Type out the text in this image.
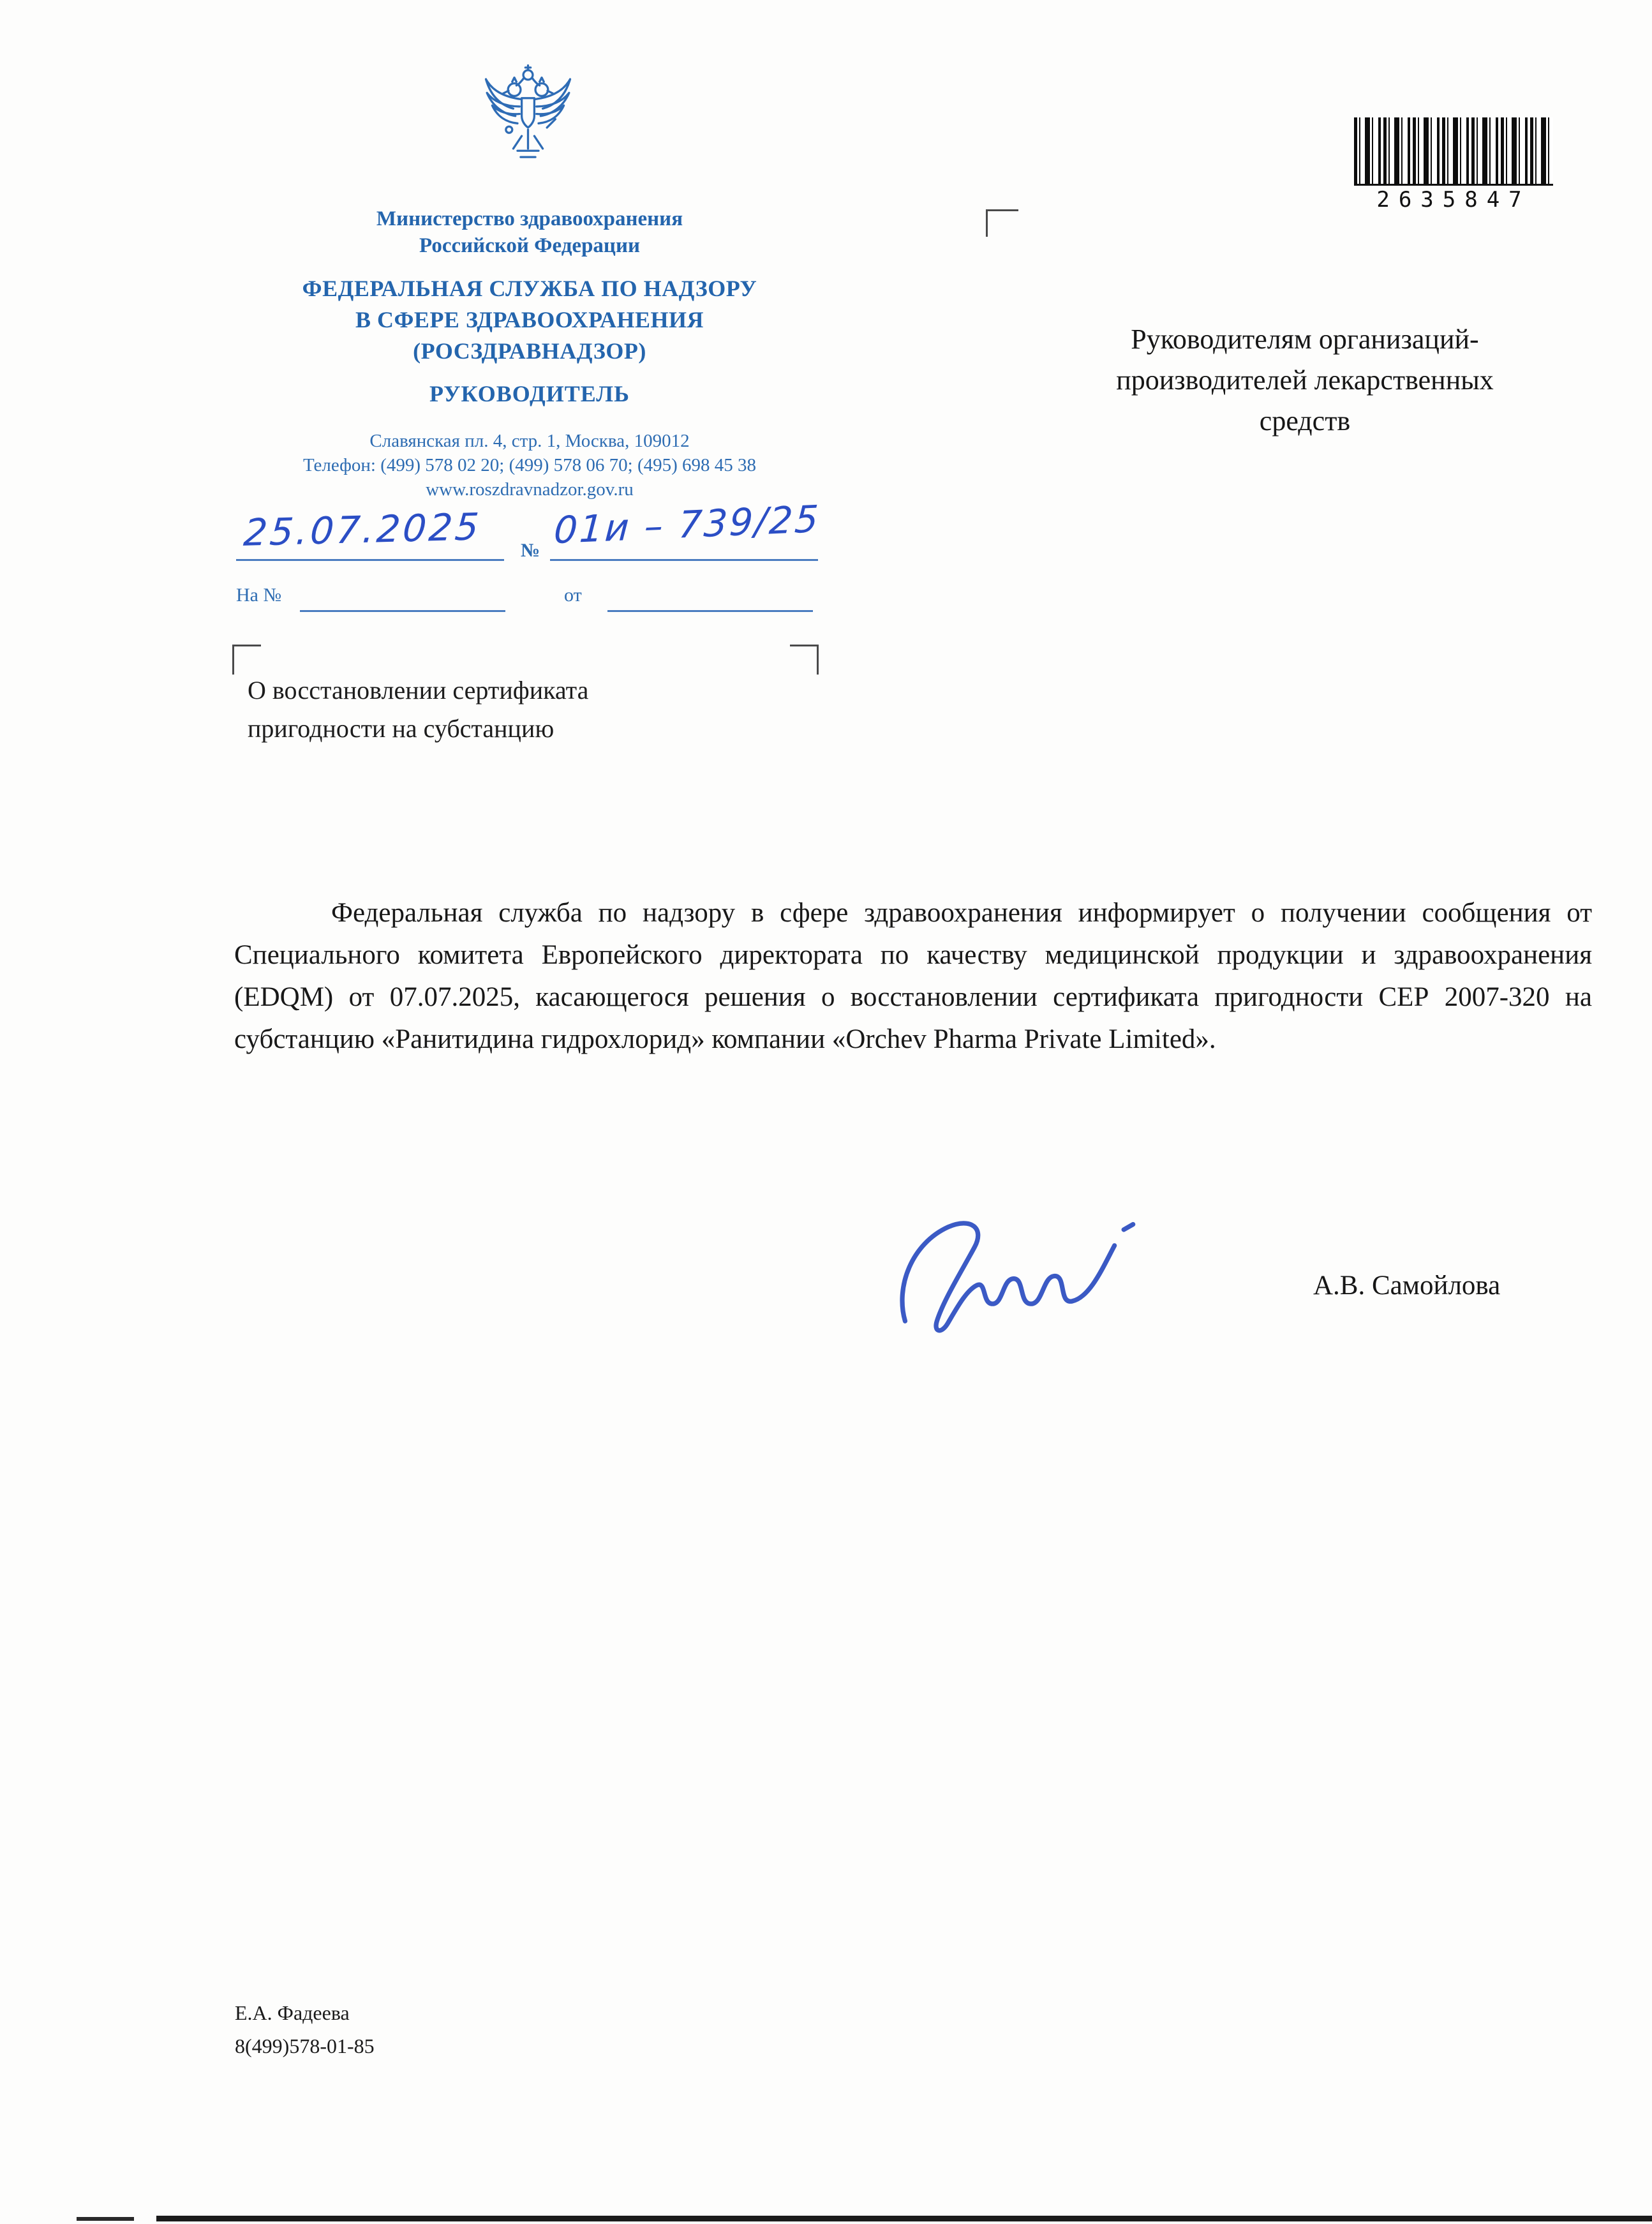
Министерство здравоохранения
Российской Федерации
ФЕДЕРАЛЬНАЯ СЛУЖБА ПО НАДЗОРУ
В СФЕРЕ ЗДРАВООХРАНЕНИЯ
(РОСЗДРАВНАДЗОР)
РУКОВОДИТЕЛЬ
Славянская пл. 4, стр. 1, Москва, 109012
Телефон: (499) 578 02 20; (499) 578 06 70; (495) 698 45 38
www.roszdravnadzor.gov.ru
25.07.2025 № 01и – 739/25
На №	от
О восстановлении сертификата
пригодности на субстанцию
2635847
Руководителям организаций-
производителей лекарственных
средств
Федеральная служба по надзору в сфере здравоохранения информирует о получении сообщения от Специального комитета Европейского директората по качеству медицинской продукции и здравоохранения (EDQM) от 07.07.2025, касающегося решения о восстановлении сертификата пригодности СЕР 2007-320 на субстанцию «Ранитидина гидрохлорид» компании «Orchev Pharma Private Limited».
А.В. Самойлова
Е.А. Фадеева
8(499)578-01-85
